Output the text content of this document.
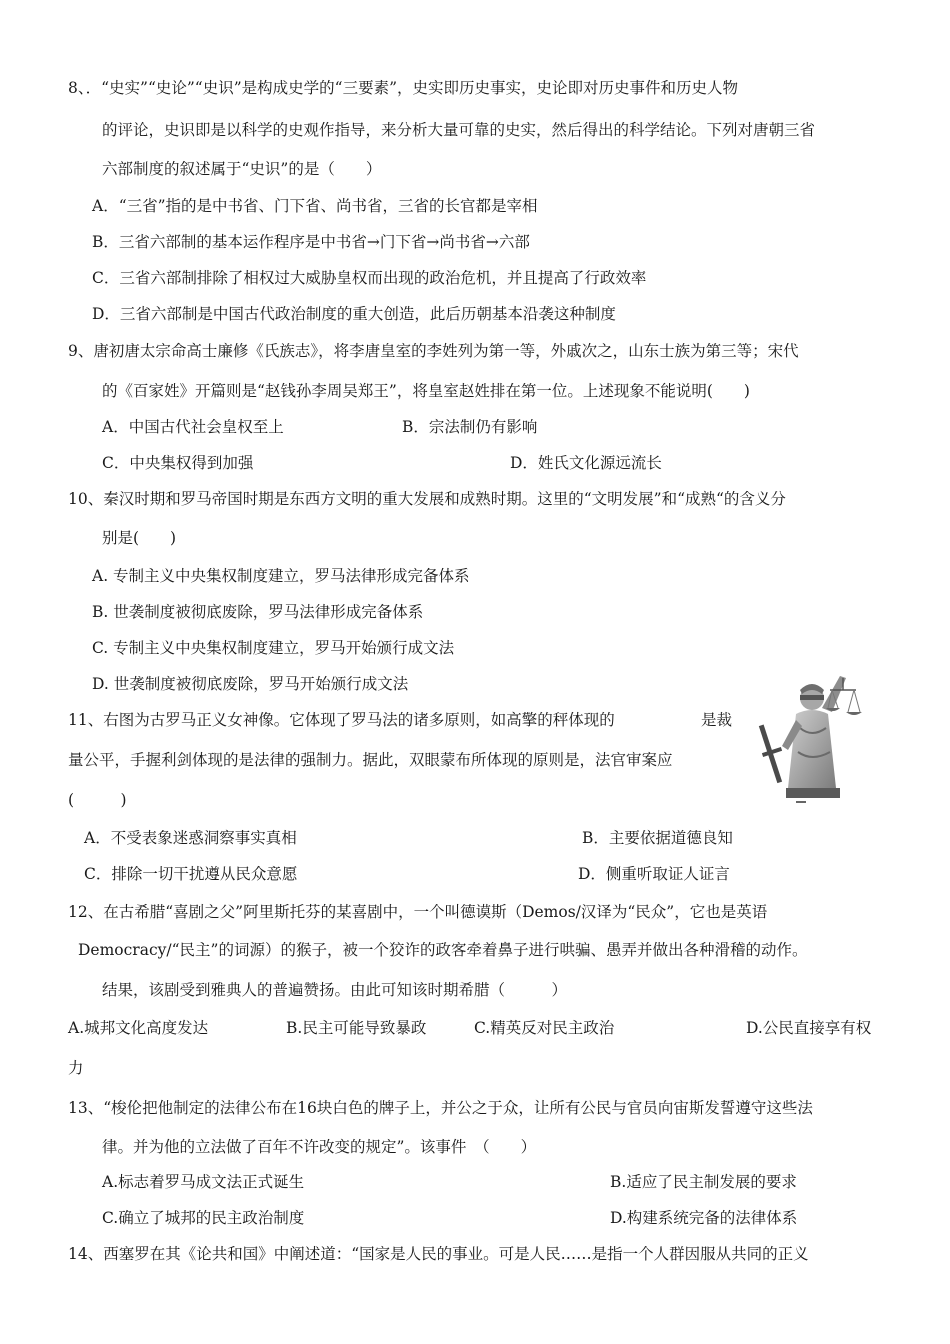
8、．“史实”“史论”“史识”是构成史学的“三要素”，史实即历史事实，史论即对历史事件和历史人物
的评论，史识即是以科学的史观作指导，来分析大量可靠的史实，然后得出的科学结论。下列对唐朝三省
六部制度的叙述属于“史识”的是（　　）
A．“三省”指的是中书省、门下省、尚书省，三省的长官都是宰相
B．三省六部制的基本运作程序是中书省→门下省→尚书省→六部
C．三省六部制排除了相权过大威胁皇权而出现的政治危机，并且提高了行政效率
D．三省六部制是中国古代政治制度的重大创造，此后历朝基本沿袭这种制度
9、唐初唐太宗命高士廉修《氏族志》，将李唐皇室的李姓列为第一等，外戚次之，山东士族为第三等；宋代
的《百家姓》开篇则是“赵钱孙李周吴郑王”，将皇室赵姓排在第一位。上述现象不能说明(　　)
A．中国古代社会皇权至上	B．宗法制仍有影响
C．中央集权得到加强	D．姓氏文化源远流长
10、秦汉时期和罗马帝国时期是东西方文明的重大发展和成熟时期。这里的“文明发展”和“成熟“的含义分
别是(　　)
A. 专制主义中央集权制度建立，罗马法律形成完备体系
B. 世袭制度被彻底废除，罗马法律形成完备体系
C. 专制主义中央集权制度建立，罗马开始颁行成文法
D. 世袭制度被彻底废除，罗马开始颁行成文法
11、右图为古罗马正义女神像。它体现了罗马法的诸多原则，如高擎的秤体现的	是裁
量公平，手握利剑体现的是法律的强制力。据此，双眼蒙布所体现的原则是，法官审案应
(　　　)
A．不受表象迷惑洞察事实真相	B．主要依据道德良知
C．排除一切干扰遵从民众意愿	D．侧重听取证人证言
12、在古希腊“喜剧之父”阿里斯托芬的某喜剧中，一个叫德谟斯（Demos/汉译为“民众”，它也是英语
Democracy/“民主”的词源）的猴子，被一个狡诈的政客牵着鼻子进行哄骗、愚弄并做出各种滑稽的动作。
结果，该剧受到雅典人的普遍赞扬。由此可知该时期希腊（　　　）
A.城邦文化高度发达	B.民主可能导致暴政	C.精英反对民主政治	D.公民直接享有权
力
13、“梭伦把他制定的法律公布在16块白色的牌子上，并公之于众，让所有公民与官员向宙斯发誓遵守这些法
律。并为他的立法做了百年不许改变的规定”。该事件　（　　）
A.标志着罗马成文法正式诞生	B.适应了民主制发展的要求
C.确立了城邦的民主政治制度	D.构建系统完备的法律体系
14、西塞罗在其《论共和国》中阐述道：“国家是人民的事业。可是人民……是指一个人群因服从共同的正义
